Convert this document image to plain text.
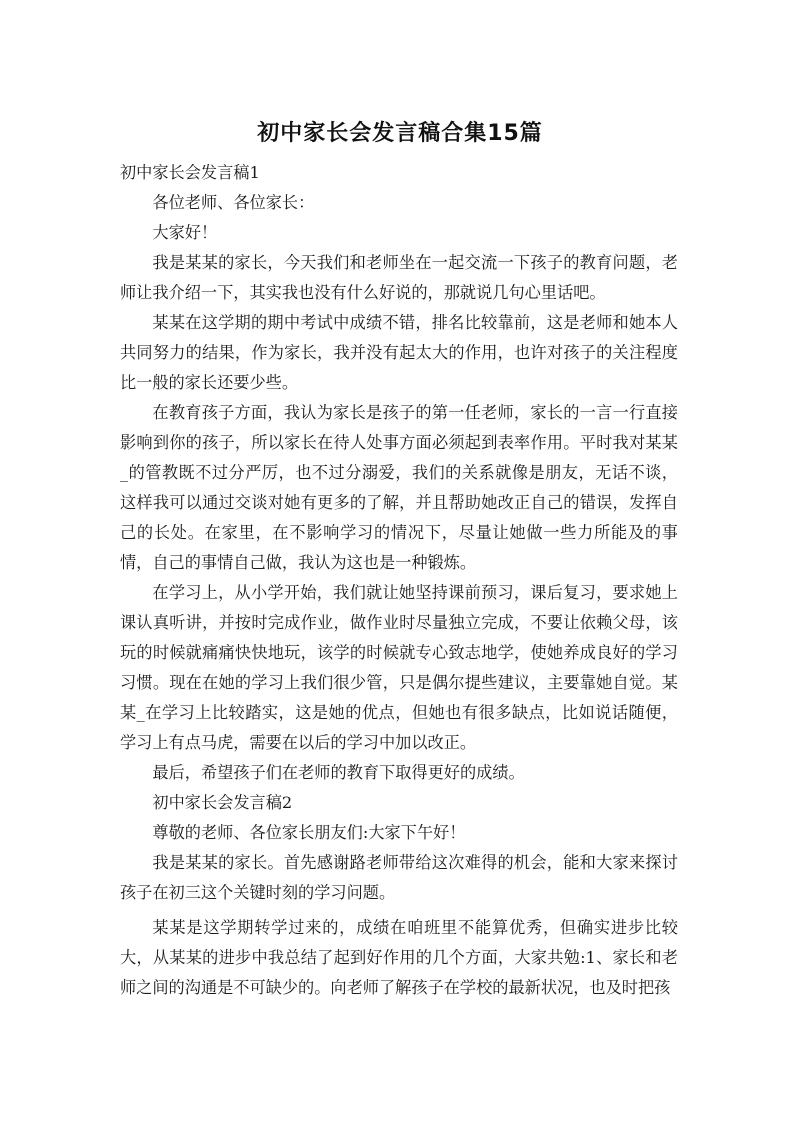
初中家长会发言稿合集15篇

初中家长会发言稿1

各位老师、各位家长：

大家好！

我是某某的家长，今天我们和老师坐在一起交流一下孩子的教育问题，老师让我介绍一下，其实我也没有什么好说的，那就说几句心里话吧。

某某在这学期的期中考试中成绩不错，排名比较靠前，这是老师和她本人共同努力的结果，作为家长，我并没有起太大的作用，也许对孩子的关注程度比一般的家长还要少些。

在教育孩子方面，我认为家长是孩子的第一任老师，家长的一言一行直接影响到你的孩子，所以家长在待人处事方面必须起到表率作用。平时我对某某_的管教既不过分严厉，也不过分溺爱，我们的关系就像是朋友，无话不谈，这样我可以通过交谈对她有更多的了解，并且帮助她改正自己的错误，发挥自己的长处。在家里，在不影响学习的情况下，尽量让她做一些力所能及的事情，自己的事情自己做，我认为这也是一种锻炼。

在学习上，从小学开始，我们就让她坚持课前预习，课后复习，要求她上课认真听讲，并按时完成作业，做作业时尽量独立完成，不要让依赖父母，该玩的时候就痛痛快快地玩，该学的时候就专心致志地学，使她养成良好的学习习惯。现在在她的学习上我们很少管，只是偶尔提些建议，主要靠她自觉。某某_在学习上比较踏实，这是她的优点，但她也有很多缺点，比如说话随便，学习上有点马虎，需要在以后的学习中加以改正。

最后，希望孩子们在老师的教育下取得更好的成绩。

初中家长会发言稿2

尊敬的老师、各位家长朋友们:大家下午好！

我是某某的家长。首先感谢路老师带给这次难得的机会，能和大家来探讨孩子在初三这个关键时刻的学习问题。

某某是这学期转学过来的，成绩在咱班里不能算优秀，但确实进步比较大，从某某的进步中我总结了起到好作用的几个方面，大家共勉:1、家长和老师之间的沟通是不可缺少的。向老师了解孩子在学校的最新状况，也及时把孩
